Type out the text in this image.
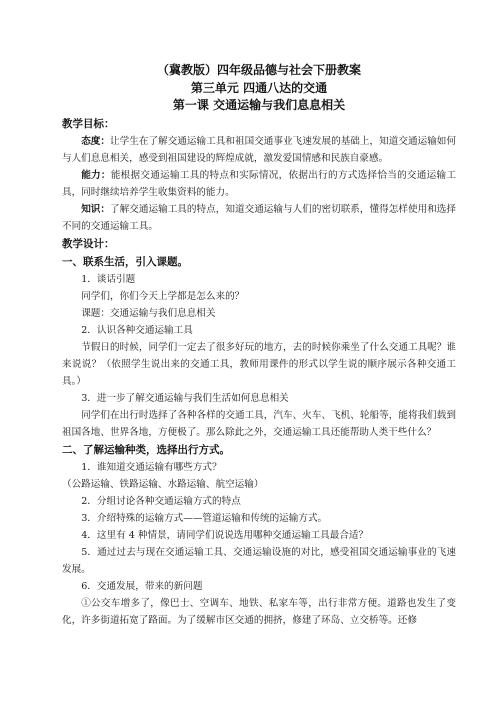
（冀教版）四年级品德与社会下册教案
第三单元 四通八达的交通
第一课 交通运输与我们息息相关
教学目标：

态度：让学生在了解交通运输工具和祖国交通事业飞速发展的基础上，知道交通运输如何与人们息息相关，感受到祖国建设的辉煌成就，激发爱国情感和民族自豪感。

能力：能根据交通运输工具的特点和实际情况，依据出行的方式选择恰当的交通运输工具，同时继续培养学生收集资料的能力。

知识：了解交通运输工具的特点，知道交通运输与人们的密切联系，懂得怎样使用和选择不同的交通运输工具。

教学设计：
一、联系生活，引入课题。

1．谈话引题

同学们，你们今天上学都是怎么来的？

课题：交通运输与我们息息相关

2．认识各种交通运输工具

节假日的时候，同学们一定去了很多好玩的地方，去的时候你乘坐了什么交通工具呢？谁来说说？（依照学生说出来的交通工具，教师用课件的形式以学生说的顺序展示各种交通工具。）

3．进一步了解交通运输与我们生活如何息息相关

同学们在出行时选择了各种各样的交通工具，汽车、火车、飞机、轮船等，能将我们载到祖国各地、世界各地，方便极了。那么除此之外，交通运输工具还能帮助人类干些什么？

二、了解运输种类，选择出行方式。

1．谁知道交通运输有哪些方式？

（公路运输、铁路运输、水路运输、航空运输）

2．分组讨论各种交通运输方式的特点

3．介绍特殊的运输方式——管道运输和传统的运输方式。

4．这里有 4 种情景，请同学们说说选用哪种交通运输工具最合适？

5．通过过去与现在交通运输工具、交通运输设施的对比，感受祖国交通运输事业的飞速发展。

6．交通发展，带来的新问题

①公交车增多了，像巴士、空调车、地铁、私家车等，出行非常方便。道路也发生了变化，许多街道拓宽了路面。为了缓解市区交通的拥挤，修建了环岛、立交桥等。还修
